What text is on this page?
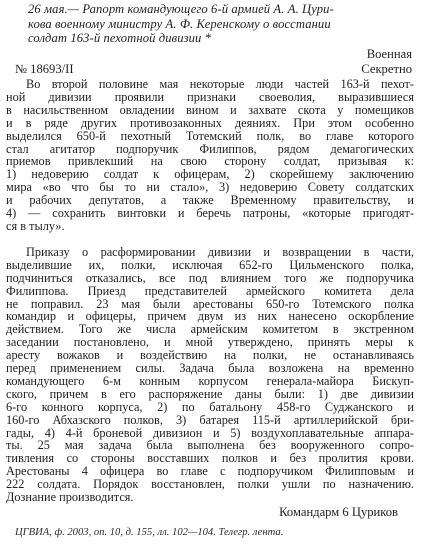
26 мая.— Рапорт командующего 6-й армией А. А. Цури-
кова военному министру А. Ф. Керенскому о восстании
солдат 163-й пехотной дивизии *
Военная
Секретно
№ 18693/II
Во второй половине мая некоторые люди частей 163-й пехот-
ной дивизии проявили признаки своеволия, выразившиеся
в насильственном овладении вином и захвате скота у помещиков
и в ряде других противозаконных деяниях. При этом особенно
выделился 650-й пехотный Тотемский полк, во главе которого
стал агитатор подпоручик Филиппов, рядом демагогических
приемов привлекший на свою сторону солдат, призывая к:
1) недоверию солдат к офицерам, 2) скорейшему заключению
мира «во что бы то ни стало», 3) недоверию Совету солдатских
и рабочих депутатов, а также Временному правительству, и
4) — сохранить винтовки и беречь патроны, «которые пригодят-
ся в тылу».
Приказу о расформировании дивизии и возвращении в части,
выделившие их, полки, исключая 652-го Цильменского полка,
подчиниться отказались, все под влиянием того же подпоручика
Филиппова. Приезд представителей армейского комитета дела
не поправил. 23 мая были арестованы 650-го Тотемского полка
командир и офицеры, причем двум из них нанесено оскорбление
действием. Того же числа армейским комитетом в экстренном
заседании постановлено, и мной утверждено, принять меры к
аресту вожаков и воздействию на полки, не останавливаясь
перед применением силы. Задача была возложена на временно
командующего 6-м конным корпусом генерала-майора Бискуп-
ского, причем в его распоряжение даны были: 1) две дивизии
6-го конного корпуса, 2) по батальону 458-го Суджанского и
160-го Абхазского полков, 3) батарея 115-й артиллерийской бри-
гады, 4) 4-й броневой дивизион и 5) воздухоплавательные аппара-
ты. 25 мая задача была выполнена без вооруженного сопро-
тивления со стороны восставших полков и без пролития крови.
Арестованы 4 офицера во главе с подпоручиком Филипповым и
222 солдата. Порядок восстановлен, полки ушли по назначению.
Дознание производится.
Командарм 6 Цуриков
ЦГВИА, ф. 2003, оп. 10, д. 155, лл. 102—104. Телегр. лента.
